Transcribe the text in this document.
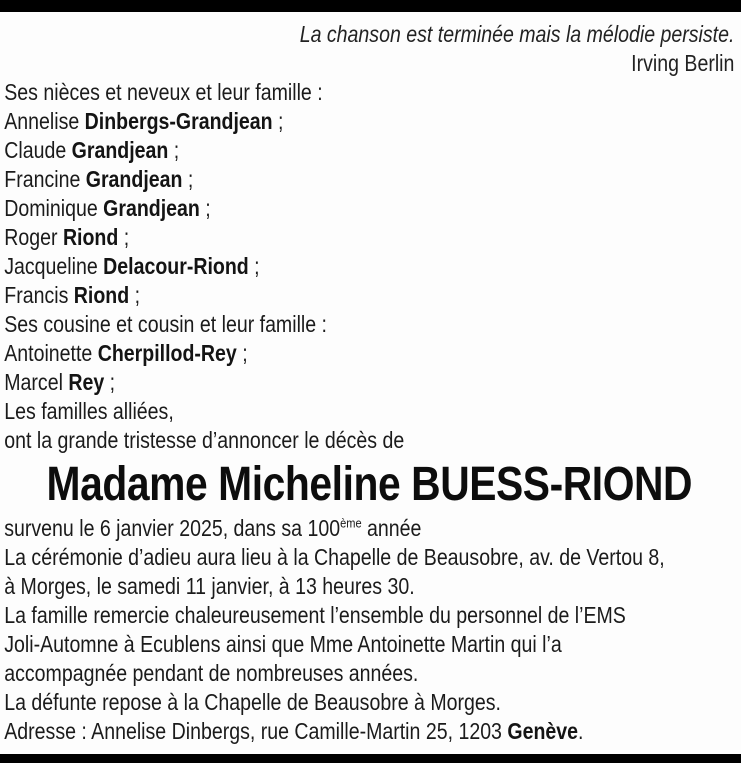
La chanson est terminée mais la mélodie persiste.
Irving Berlin
Ses nièces et neveux et leur famille :
Annelise Dinbergs-Grandjean ;
Claude Grandjean ;
Francine Grandjean ;
Dominique Grandjean ;
Roger Riond ;
Jacqueline Delacour-Riond ;
Francis Riond ;
Ses cousine et cousin et leur famille :
Antoinette Cherpillod-Rey ;
Marcel Rey ;
Les familles alliées,
ont la grande tristesse d’annoncer le décès de
Madame Micheline BUESS-RIOND
survenu le 6 janvier 2025, dans sa 100ème année
La cérémonie d’adieu aura lieu à la Chapelle de Beausobre, av. de Vertou 8,
à Morges, le samedi 11 janvier, à 13 heures 30.
La famille remercie chaleureusement l’ensemble du personnel de l’EMS
Joli-Automne à Ecublens ainsi que Mme Antoinette Martin qui l’a
accompagnée pendant de nombreuses années.
La défunte repose à la Chapelle de Beausobre à Morges.
Adresse : Annelise Dinbergs, rue Camille-Martin 25, 1203 Genève.
